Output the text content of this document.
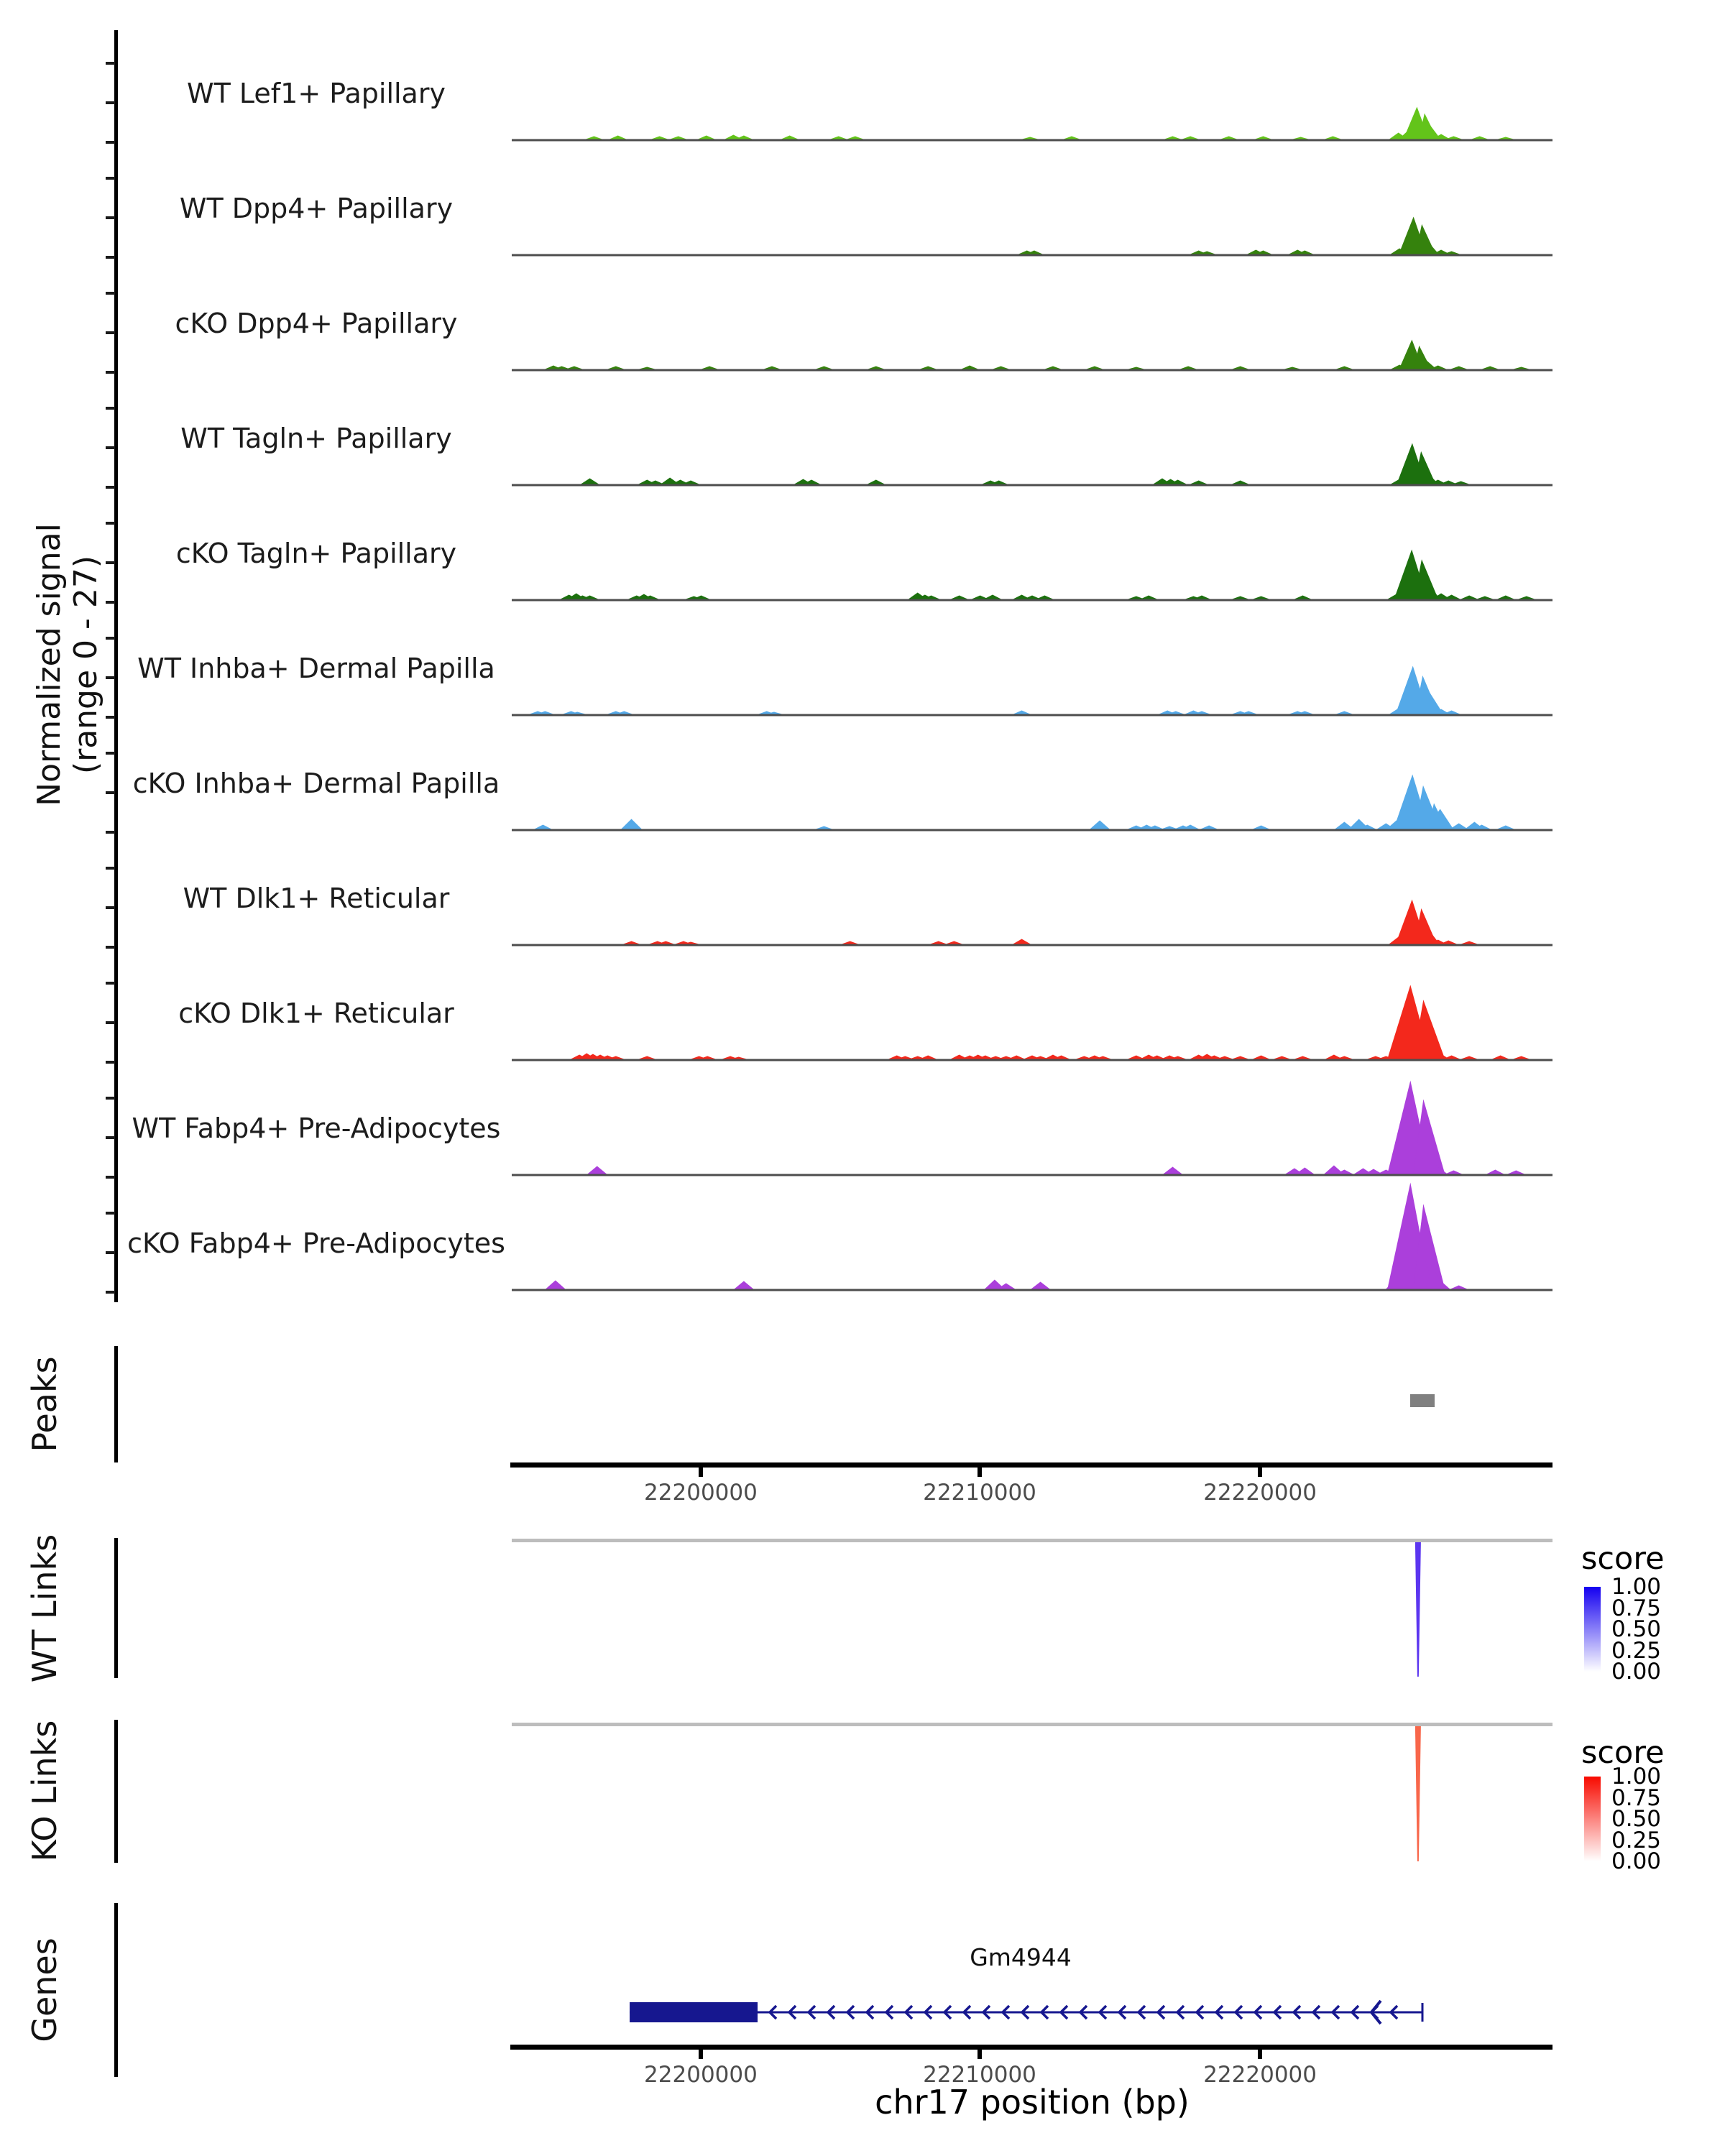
Normalized signal (range 0 - 27)
WT Lef1+ Papillary
WT Dpp4+ Papillary
cKO Dpp4+ Papillary
WT Tagln+ Papillary
cKO Tagln+ Papillary
WT Inhba+ Dermal Papilla
cKO Inhba+ Dermal Papilla
WT Dlk1+ Reticular
cKO Dlk1+ Reticular
WT Fabp4+ Pre-Adipocytes
cKO Fabp4+ Pre-Adipocytes
Peaks
22200000	22210000	22220000
WT Links	score
1.00
0.75
0.50
0.25
0.00
KO Links	score
1.00
0.75
0.50
0.25
0.00
Genes	Gm4944
22200000	22210000	22220000
chr17 position (bp)
